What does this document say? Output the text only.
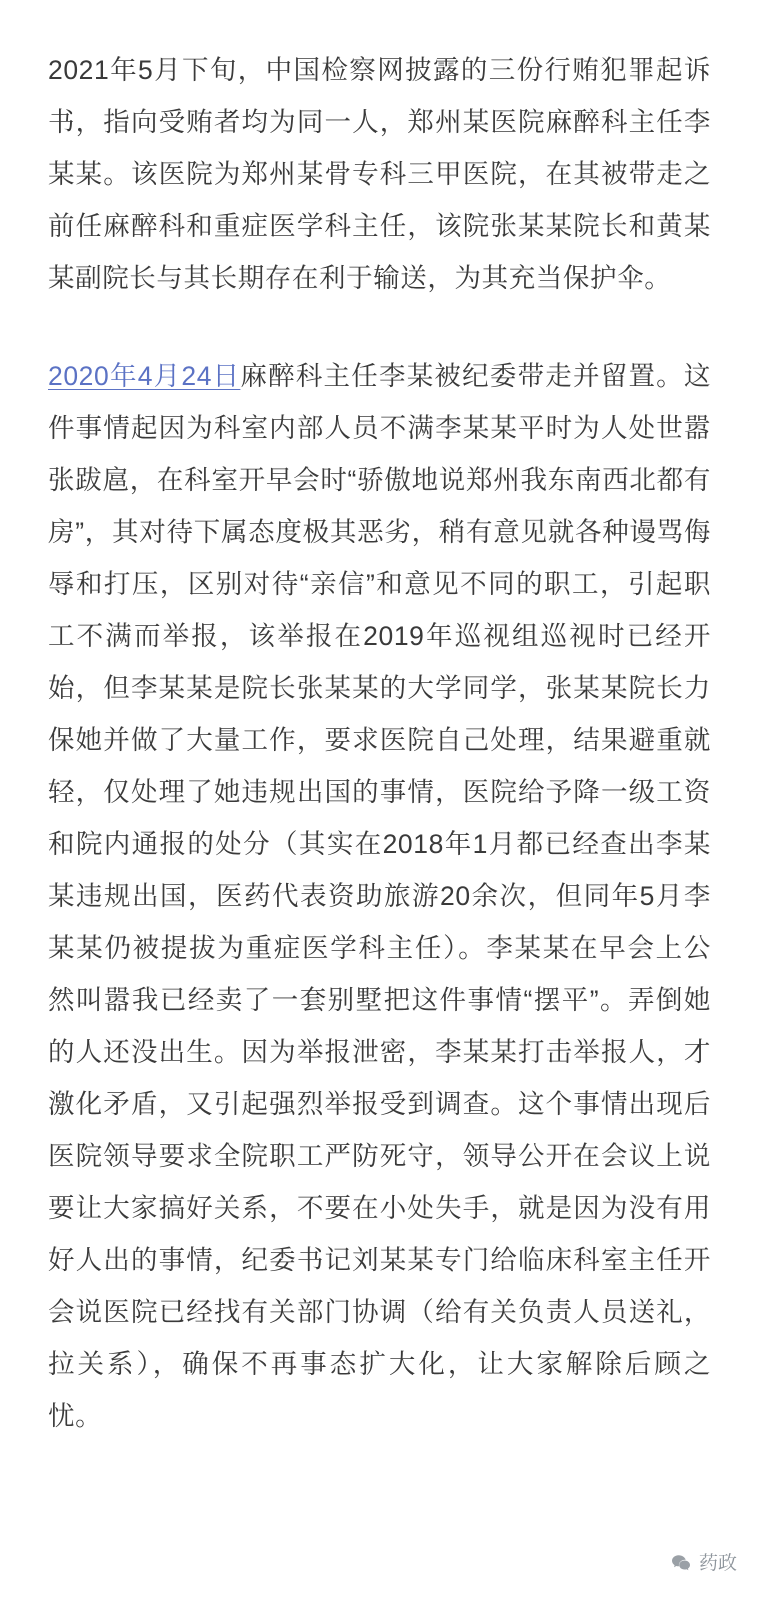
2021年5月下旬，中国检察网披露的三份行贿犯罪起诉书，指向受贿者均为同一人，郑州某医院麻醉科主任李某某。该医院为郑州某骨专科三甲医院，在其被带走之前任麻醉科和重症医学科主任，该院张某某院长和黄某某副院长与其长期存在利于输送，为其充当保护伞。

2020年4月24日麻醉科主任李某被纪委带走并留置。这件事情起因为科室内部人员不满李某某平时为人处世嚣张跋扈，在科室开早会时“骄傲地说郑州我东南西北都有房”，其对待下属态度极其恶劣，稍有意见就各种谩骂侮辱和打压，区别对待“亲信”和意见不同的职工，引起职工不满而举报，该举报在2019年巡视组巡视时已经开始，但李某某是院长张某某的大学同学，张某某院长力保她并做了大量工作，要求医院自己处理，结果避重就轻，仅处理了她违规出国的事情，医院给予降一级工资和院内通报的处分（其实在2018年1月都已经查出李某某违规出国，医药代表资助旅游20余次，但同年5月李某某仍被提拔为重症医学科主任）。李某某在早会上公然叫嚣我已经卖了一套别墅把这件事情“摆平”。弄倒她的人还没出生。因为举报泄密，李某某打击举报人，才激化矛盾，又引起强烈举报受到调查。这个事情出现后医院领导要求全院职工严防死守，领导公开在会议上说要让大家搞好关系，不要在小处失手，就是因为没有用好人出的事情，纪委书记刘某某专门给临床科室主任开会说医院已经找有关部门协调（给有关负责人员送礼，拉关系），确保不再事态扩大化，让大家解除后顾之忧。

药政
